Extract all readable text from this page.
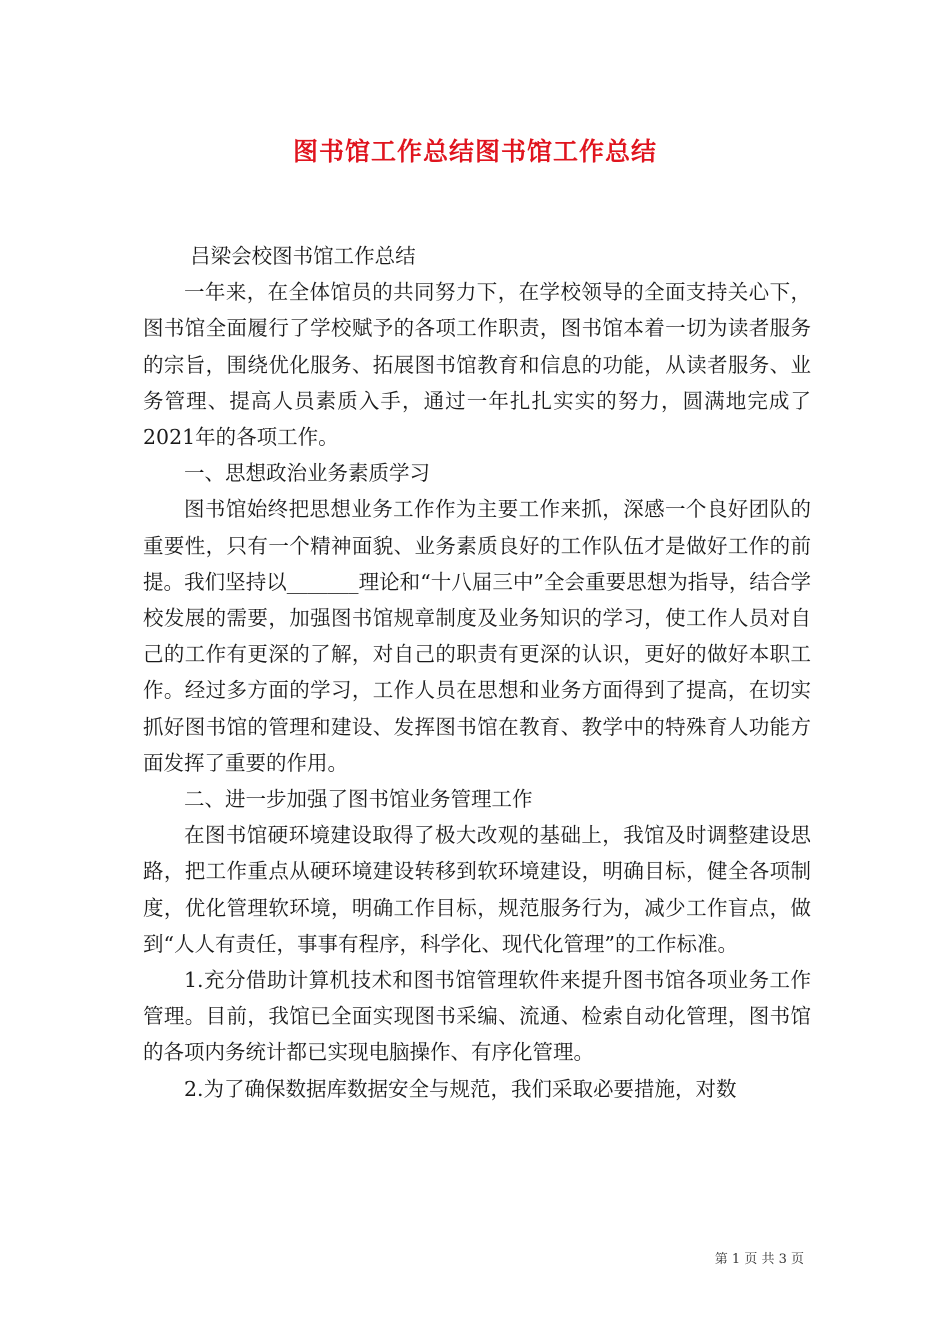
图书馆工作总结图书馆工作总结

吕梁会校图书馆工作总结

一年来，在全体馆员的共同努力下，在学校领导的全面支持关心下，图书馆全面履行了学校赋予的各项工作职责，图书馆本着一切为读者服务的宗旨，围绕优化服务、拓展图书馆教育和信息的功能，从读者服务、业务管理、提高人员素质入手，通过一年扎扎实实的努力，圆满地完成了2021年的各项工作。

一、思想政治业务素质学习

图书馆始终把思想业务工作作为主要工作来抓，深感一个良好团队的重要性，只有一个精神面貌、业务素质良好的工作队伍才是做好工作的前提。我们坚持以_______理论和“十八届三中”全会重要思想为指导，结合学校发展的需要，加强图书馆规章制度及业务知识的学习，使工作人员对自己的工作有更深的了解，对自己的职责有更深的认识，更好的做好本职工作。经过多方面的学习，工作人员在思想和业务方面得到了提高，在切实抓好图书馆的管理和建设、发挥图书馆在教育、教学中的特殊育人功能方面发挥了重要的作用。

二、进一步加强了图书馆业务管理工作

在图书馆硬环境建设取得了极大改观的基础上，我馆及时调整建设思路，把工作重点从硬环境建设转移到软环境建设，明确目标，健全各项制度，优化管理软环境，明确工作目标，规范服务行为，减少工作盲点，做到“人人有责任，事事有程序，科学化、现代化管理”的工作标准。

1.充分借助计算机技术和图书馆管理软件来提升图书馆各项业务工作管理。目前，我馆已全面实现图书采编、流通、检索自动化管理，图书馆的各项内务统计都已实现电脑操作、有序化管理。

2.为了确保数据库数据安全与规范，我们采取必要措施，对数

第 1 页 共 3 页
